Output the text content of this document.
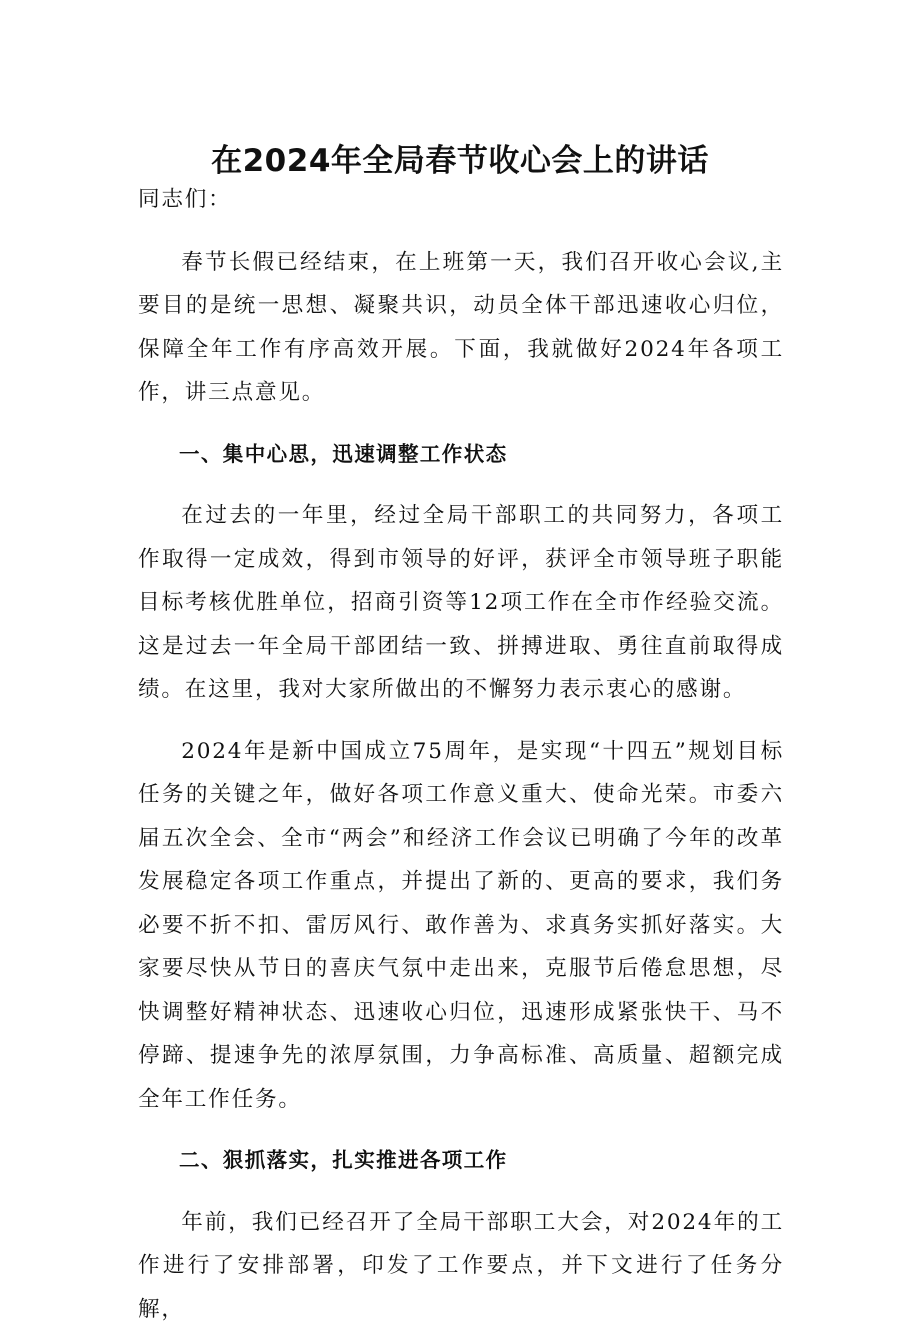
在2024年全局春节收心会上的讲话

同志们：

春节长假已经结束，在上班第一天，我们召开收心会议,主要目的是统一思想、凝聚共识，动员全体干部迅速收心归位，保障全年工作有序高效开展。下面，我就做好2024年各项工作，讲三点意见。

一、集中心思，迅速调整工作状态

在过去的一年里，经过全局干部职工的共同努力，各项工作取得一定成效，得到市领导的好评，获评全市领导班子职能目标考核优胜单位，招商引资等12项工作在全市作经验交流。这是过去一年全局干部团结一致、拼搏进取、勇往直前取得成绩。在这里，我对大家所做出的不懈努力表示衷心的感谢。

2024年是新中国成立75周年，是实现“十四五”规划目标任务的关键之年，做好各项工作意义重大、使命光荣。市委六届五次全会、全市“两会”和经济工作会议已明确了今年的改革发展稳定各项工作重点，并提出了新的、更高的要求，我们务必要不折不扣、雷厉风行、敢作善为、求真务实抓好落实。大家要尽快从节日的喜庆气氛中走出来，克服节后倦怠思想，尽快调整好精神状态、迅速收心归位，迅速形成紧张快干、马不停蹄、提速争先的浓厚氛围，力争高标准、高质量、超额完成全年工作任务。

二、狠抓落实，扎实推进各项工作

年前，我们已经召开了全局干部职工大会，对2024年的工作进行了安排部署，印发了工作要点，并下文进行了任务分解，
